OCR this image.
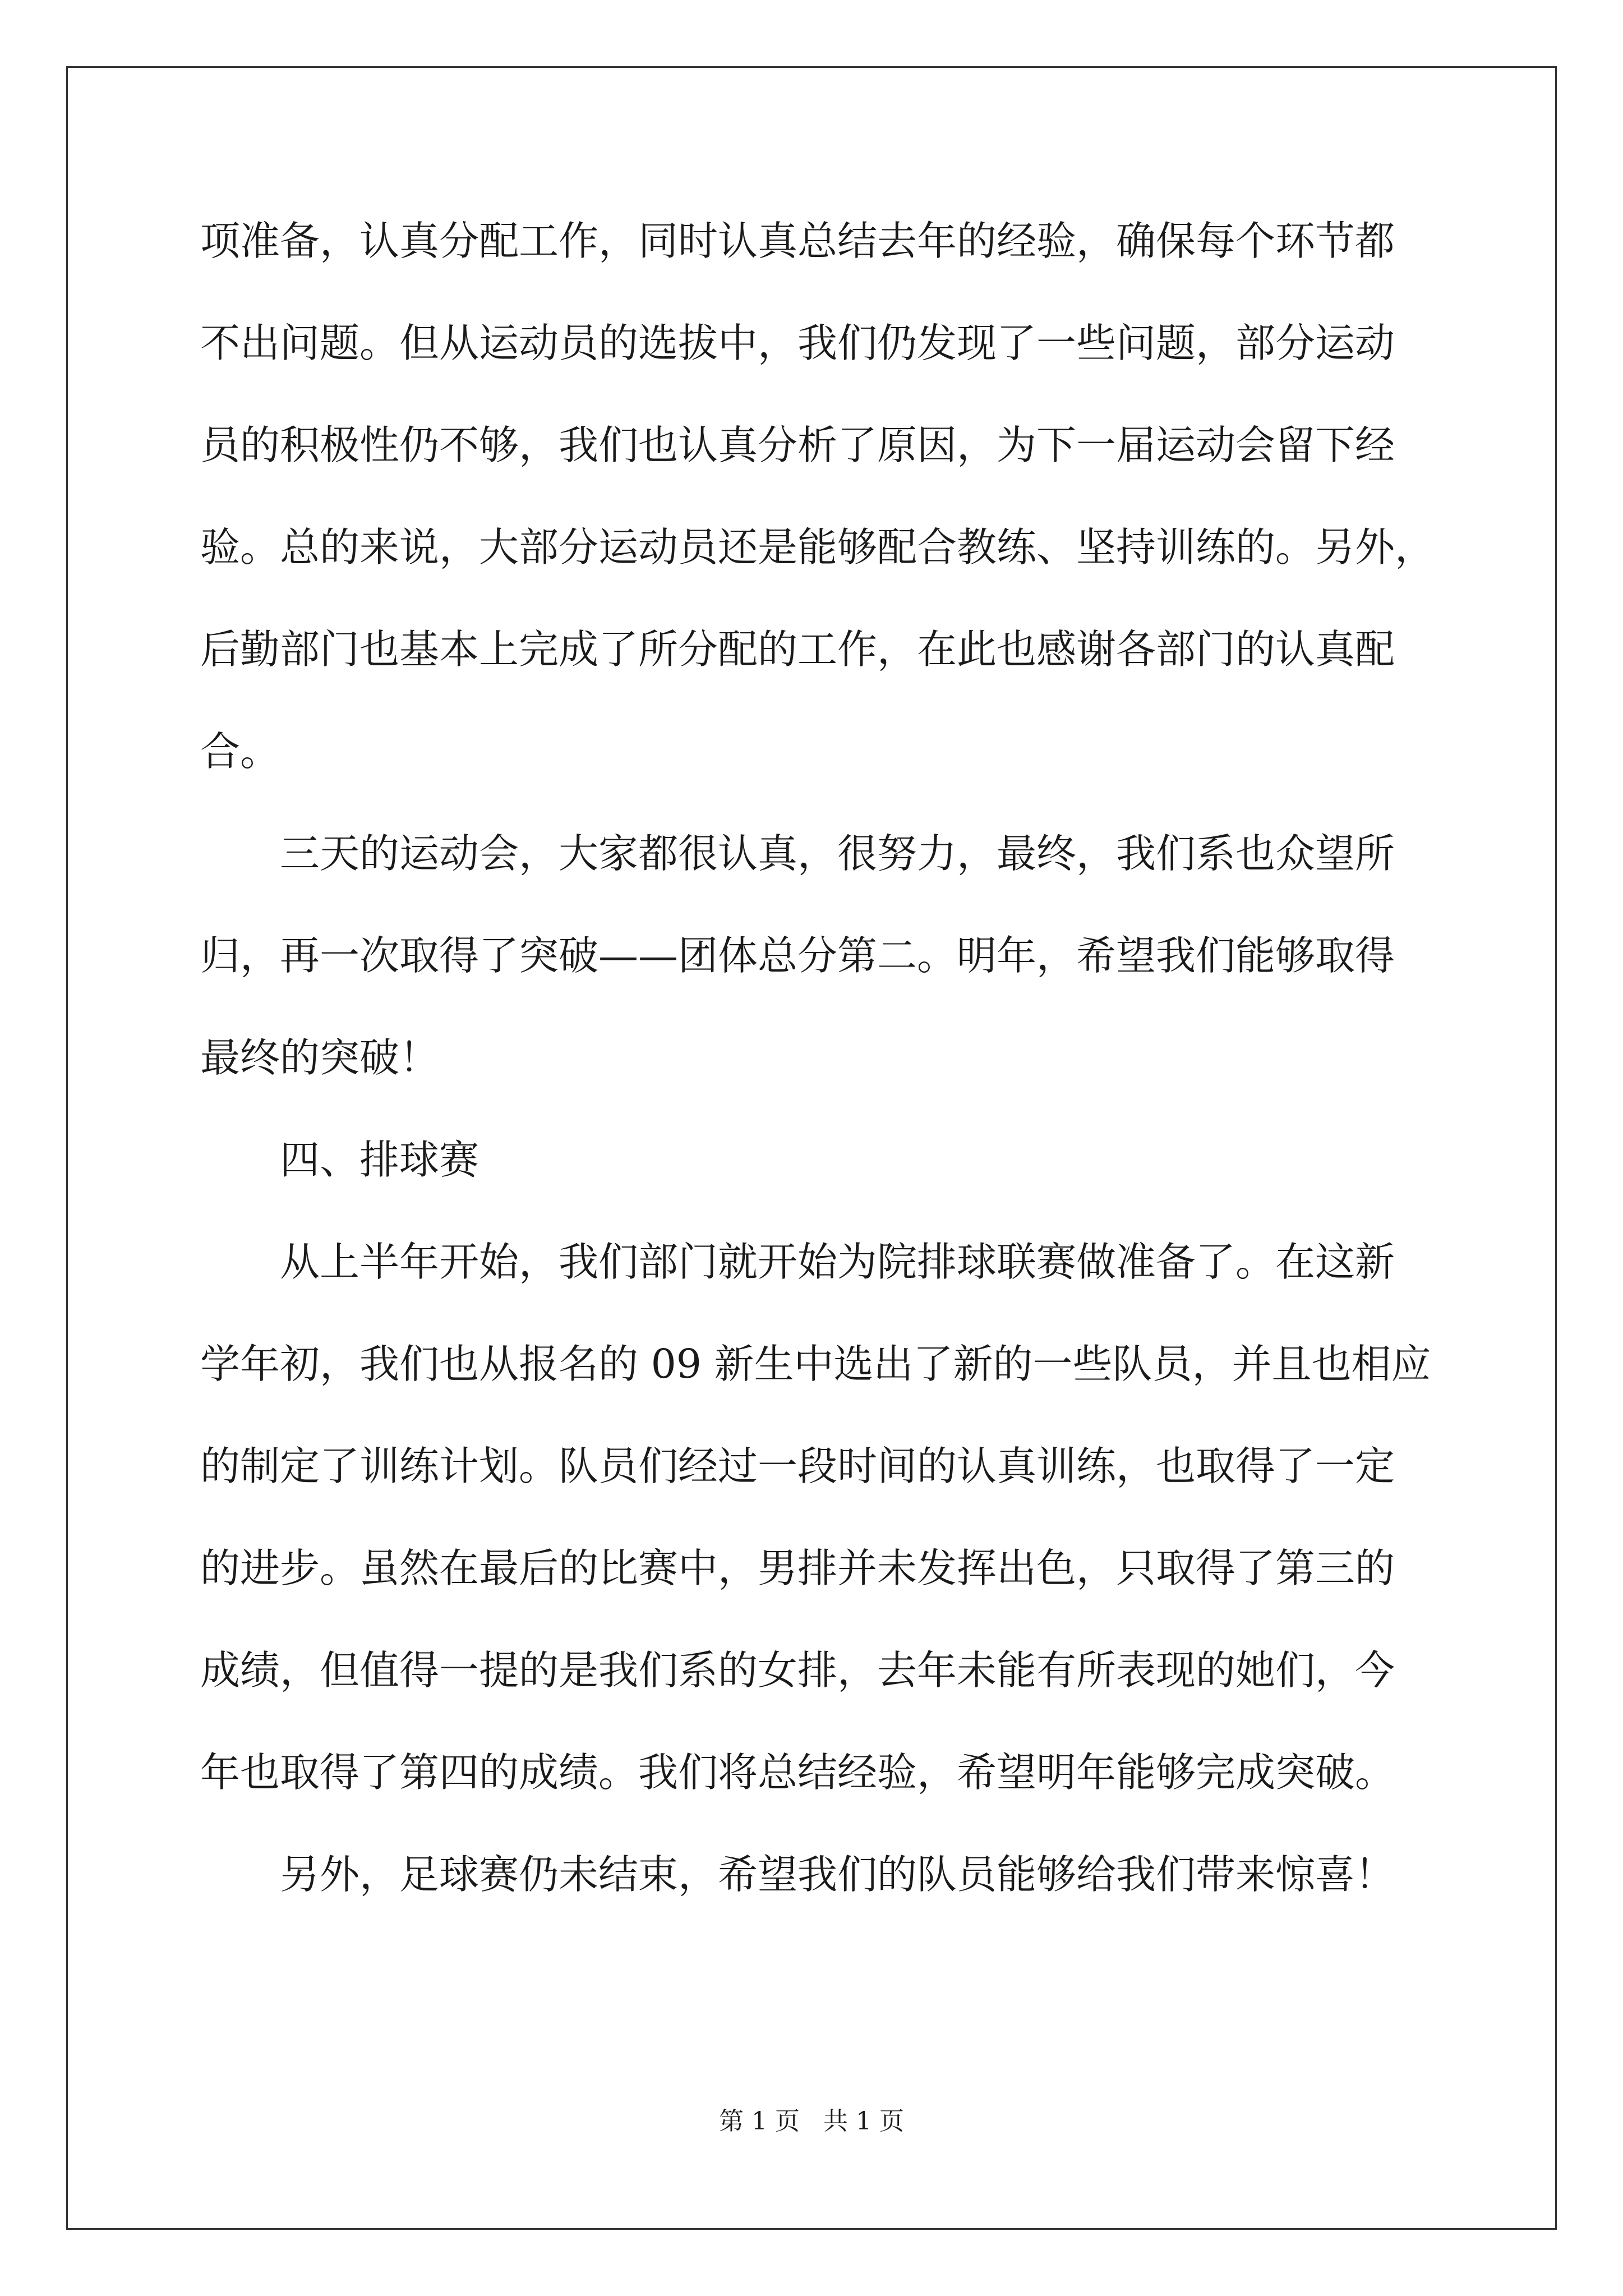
项准备，认真分配工作，同时认真总结去年的经验，确保每个环节都
不出问题。但从运动员的选拔中，我们仍发现了一些问题，部分运动
员的积极性仍不够，我们也认真分析了原因，为下一届运动会留下经
验。总的来说，大部分运动员还是能够配合教练、坚持训练的。另外，
后勤部门也基本上完成了所分配的工作，在此也感谢各部门的认真配
合。
三天的运动会，大家都很认真，很努力，最终，我们系也众望所
归，再一次取得了突破——团体总分第二。明年，希望我们能够取得
最终的突破！
四、排球赛
从上半年开始，我们部门就开始为院排球联赛做准备了。在这新
学年初，我们也从报名的 09 新生中选出了新的一些队员，并且也相应
的制定了训练计划。队员们经过一段时间的认真训练，也取得了一定
的进步。虽然在最后的比赛中，男排并未发挥出色，只取得了第三的
成绩，但值得一提的是我们系的女排，去年未能有所表现的她们，今
年也取得了第四的成绩。我们将总结经验，希望明年能够完成突破。
另外，足球赛仍未结束，希望我们的队员能够给我们带来惊喜！
第 1 页   共 1 页
